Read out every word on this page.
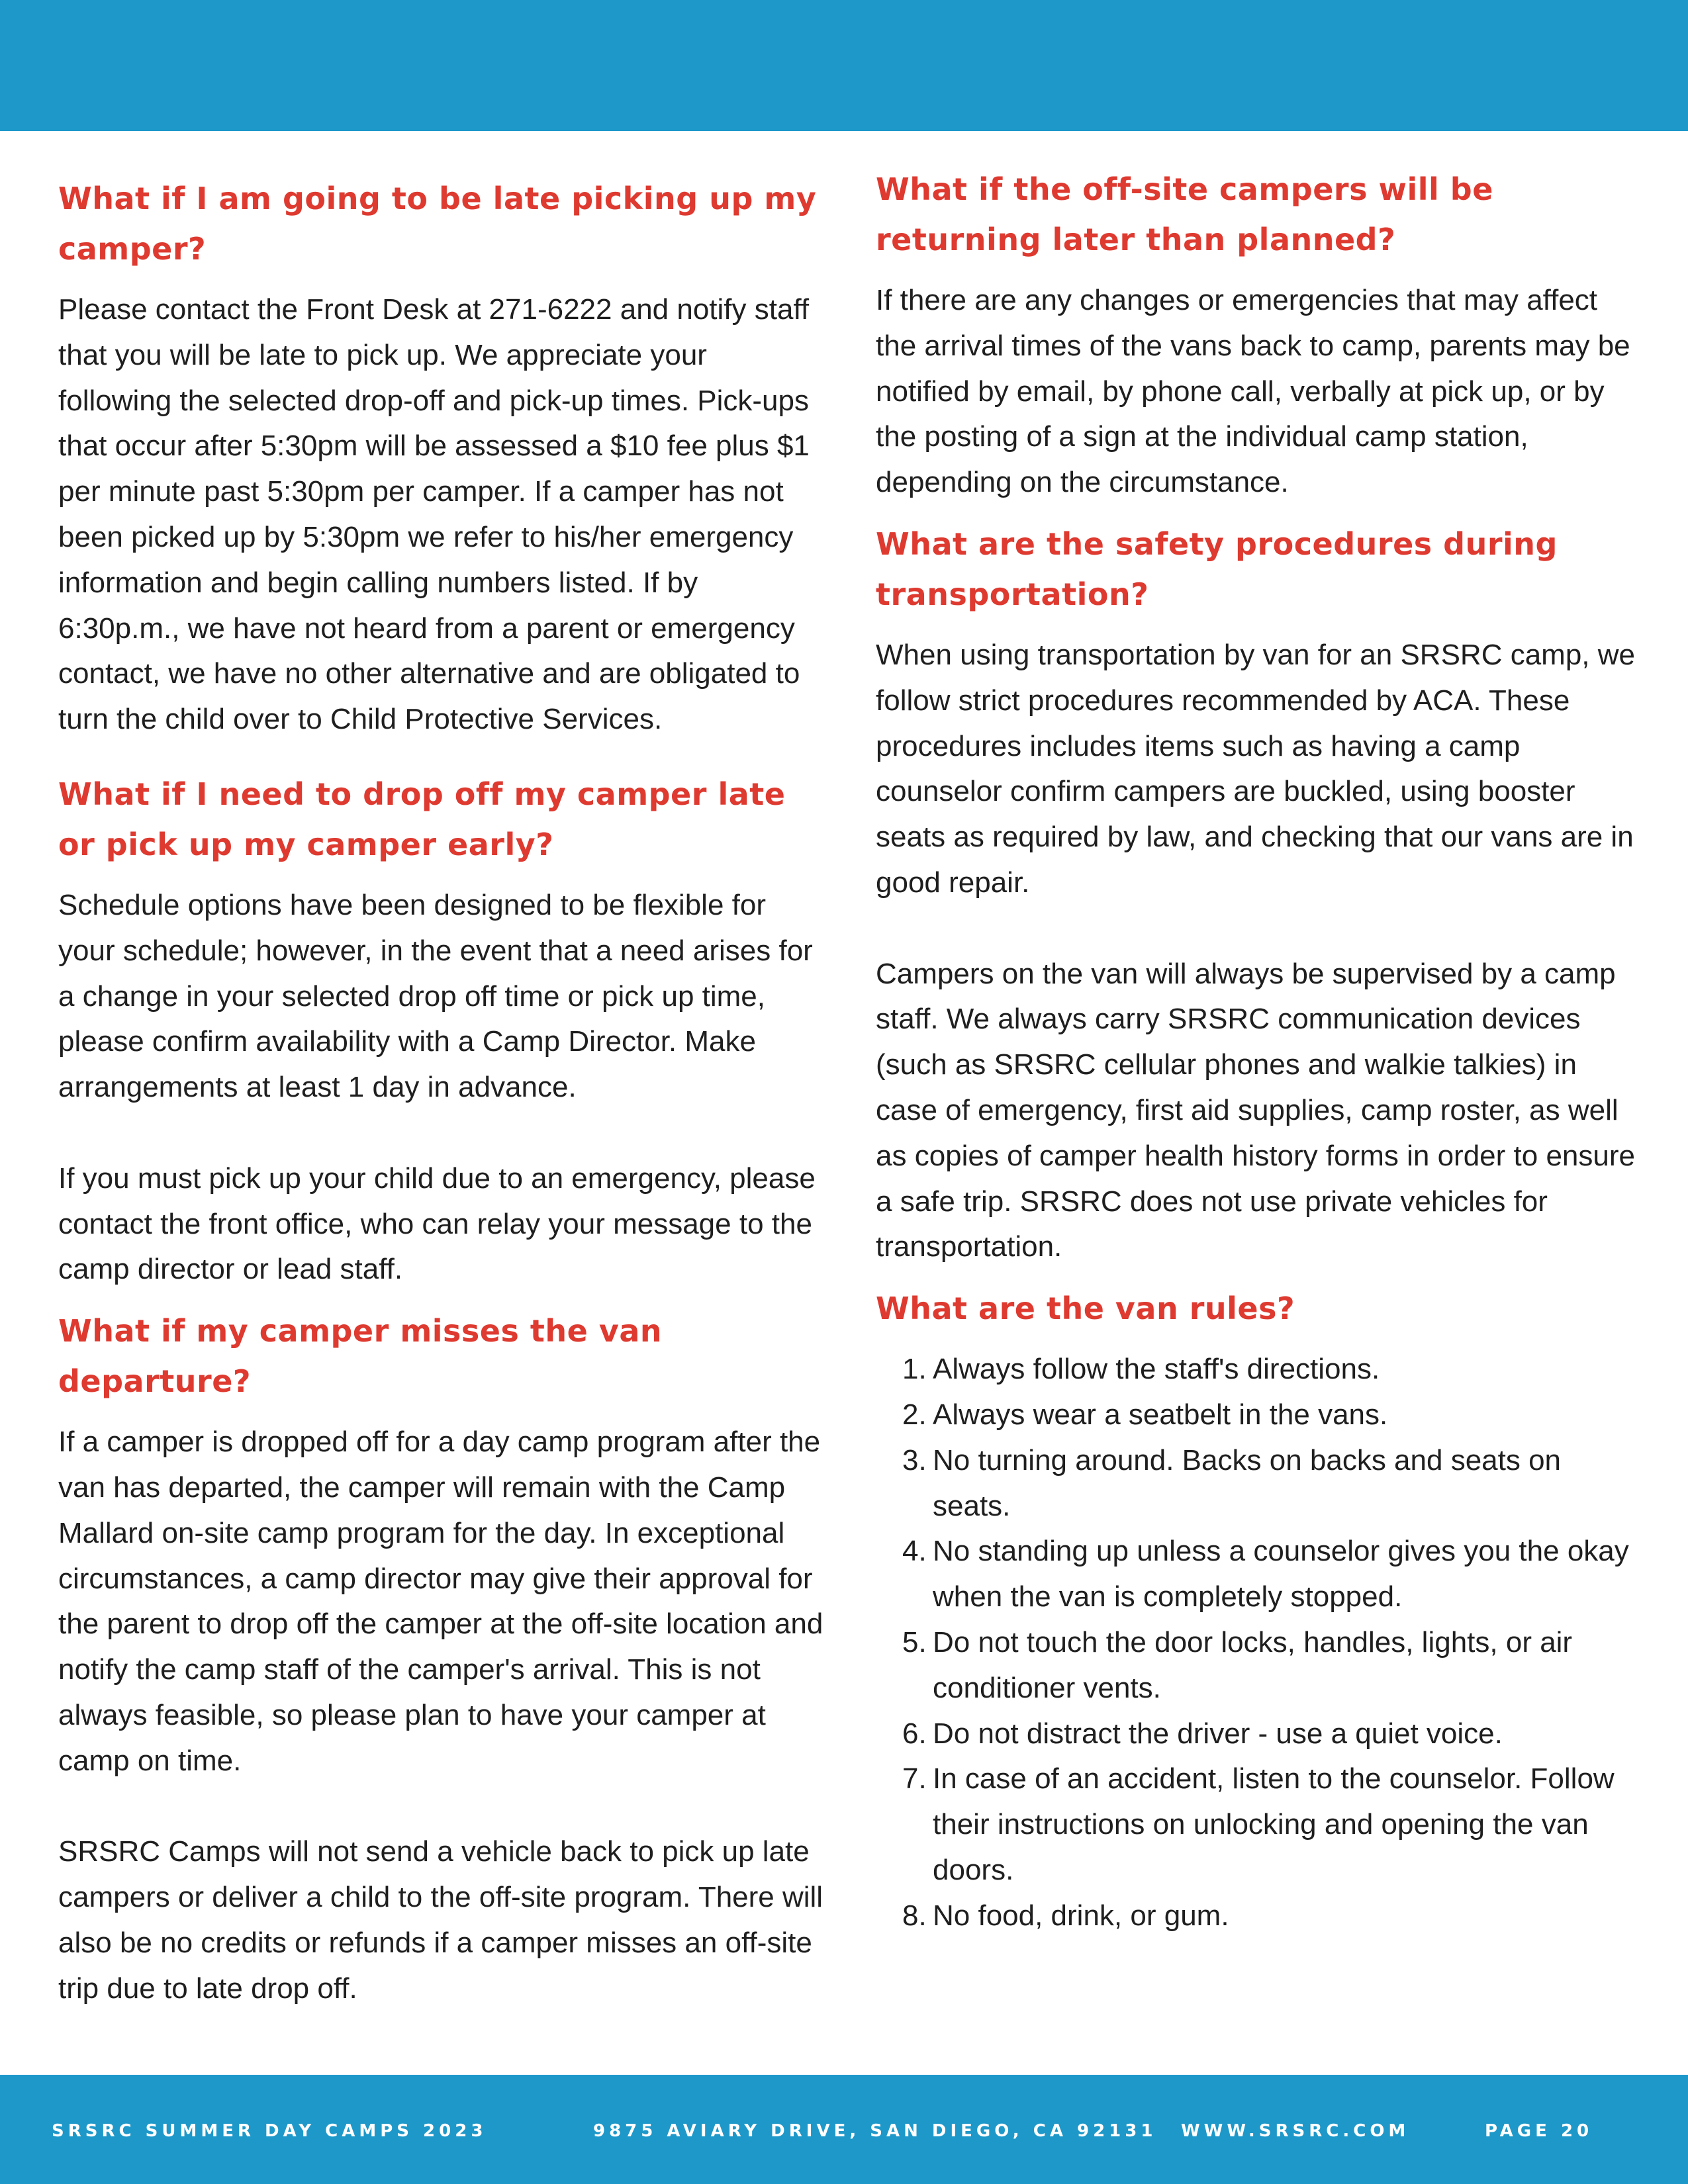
What if I am going to be late picking up my camper?

Please contact the Front Desk at 271-6222 and notify staff that you will be late to pick up. We appreciate your following the selected drop-off and pick-up times. Pick-ups that occur after 5:30pm will be assessed a $10 fee plus $1 per minute past 5:30pm per camper. If a camper has not been picked up by 5:30pm we refer to his/her emergency information and begin calling numbers listed. If by 6:30p.m., we have not heard from a parent or emergency contact, we have no other alternative and are obligated to turn the child over to Child Protective Services.

What if I need to drop off my camper late or pick up my camper early?

Schedule options have been designed to be flexible for your schedule; however, in the event that a need arises for a change in your selected drop off time or pick up time, please confirm availability with a Camp Director. Make arrangements at least 1 day in advance.

If you must pick up your child due to an emergency, please contact the front office, who can relay your message to the camp director or lead staff.

What if my camper misses the van departure?

If a camper is dropped off for a day camp program after the van has departed, the camper will remain with the Camp Mallard on-site camp program for the day. In exceptional circumstances, a camp director may give their approval for the parent to drop off the camper at the off-site location and notify the camp staff of the camper's arrival. This is not always feasible, so please plan to have your camper at camp on time.

SRSRC Camps will not send a vehicle back to pick up late campers or deliver a child to the off-site program. There will also be no credits or refunds if a camper misses an off-site trip due to late drop off.

What if the off-site campers will be returning later than planned?

If there are any changes or emergencies that may affect the arrival times of the vans back to camp, parents may be notified by email, by phone call, verbally at pick up, or by the posting of a sign at the individual camp station, depending on the circumstance.

What are the safety procedures during transportation?

When using transportation by van for an SRSRC camp, we follow strict procedures recommended by ACA. These procedures includes items such as having a camp counselor confirm campers are buckled, using booster seats as required by law, and checking that our vans are in good repair.

Campers on the van will always be supervised by a camp staff. We always carry SRSRC communication devices (such as SRSRC cellular phones and walkie talkies) in case of emergency, first aid supplies, camp roster, as well as copies of camper health history forms in order to ensure a safe trip. SRSRC does not use private vehicles for transportation.

What are the van rules?
1. Always follow the staff's directions.
2. Always wear a seatbelt in the vans.
3. No turning around. Backs on backs and seats on seats.
4. No standing up unless a counselor gives you the okay when the van is completely stopped.
5. Do not touch the door locks, handles, lights, or air conditioner vents.
6. Do not distract the driver - use a quiet voice.
7. In case of an accident, listen to the counselor. Follow their instructions on unlocking and opening the van doors.
8. No food, drink, or gum.

SRSRC SUMMER DAY CAMPS 2023	9875 AVIARY DRIVE, SAN DIEGO, CA 92131 WWW.SRSRC.COM	PAGE 20
